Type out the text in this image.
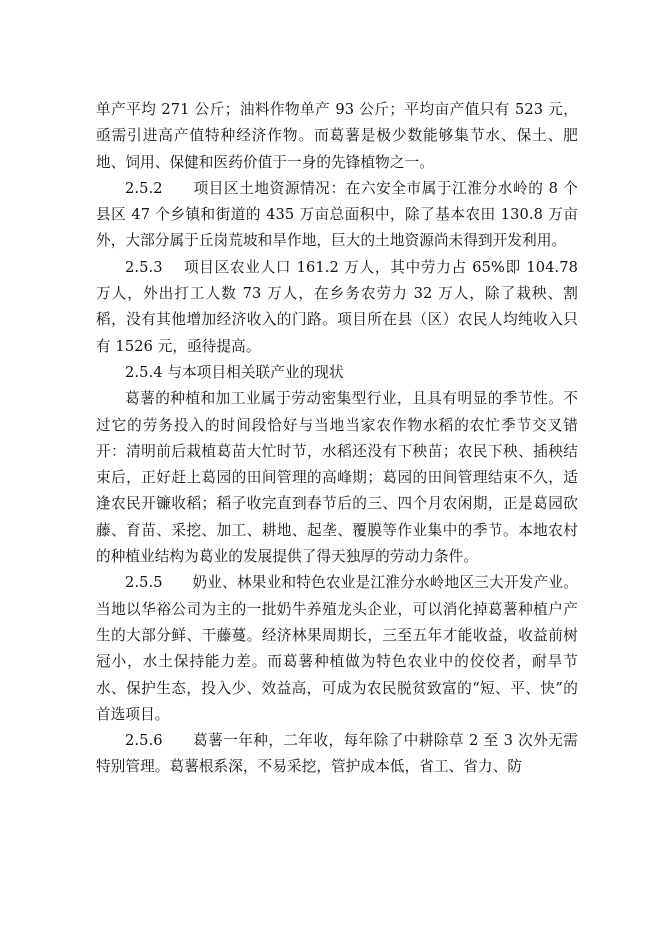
单产平均 271 公斤；油料作物单产 93 公斤；平均亩产值只有 523 元，亟需引进高产值特种经济作物。而葛薯是极少数能够集节水、保土、肥地、饲用、保健和医药价值于一身的先锋植物之一。

2.5.2　　项目区土地资源情况：在六安全市属于江淮分水岭的 8 个县区 47 个乡镇和街道的 435 万亩总面积中，除了基本农田 130.8 万亩外，大部分属于丘岗荒坡和旱作地，巨大的土地资源尚未得到开发利用。

2.5.3　 项目区农业人口 161.2 万人，其中劳力占 65%即 104.78 万人，外出打工人数 73 万人，在乡务农劳力 32 万人，除了栽秧、割稻，没有其他增加经济收入的门路。项目所在县（区）农民人均纯收入只有 1526 元，亟待提高。

2.5.4 与本项目相关联产业的现状

葛薯的种植和加工业属于劳动密集型行业，且具有明显的季节性。不过它的劳务投入的时间段恰好与当地当家农作物水稻的农忙季节交叉错开：清明前后栽植葛苗大忙时节，水稻还没有下秧苗；农民下秧、插秧结束后，正好赶上葛园的田间管理的高峰期；葛园的田间管理结束不久，适逢农民开镰收稻；稻子收完直到春节后的三、四个月农闲期，正是葛园砍藤、育苗、采挖、加工、耕地、起垄、覆膜等作业集中的季节。本地农村的种植业结构为葛业的发展提供了得天独厚的劳动力条件。

2.5.5　　奶业、林果业和特色农业是江淮分水岭地区三大开发产业。当地以华裕公司为主的一批奶牛养殖龙头企业，可以消化掉葛薯种植户产生的大部分鲜、干藤蔓。经济林果周期长，三至五年才能收益，收益前树冠小，水土保持能力差。而葛薯种植做为特色农业中的佼佼者，耐旱节水、保护生态，投入少、效益高，可成为农民脱贫致富的“短、平、快”的首选项目。

2.5.6　　葛薯一年种，二年收，每年除了中耕除草 2 至 3 次外无需特别管理。葛薯根系深，不易采挖，管护成本低，省工、省力、防
